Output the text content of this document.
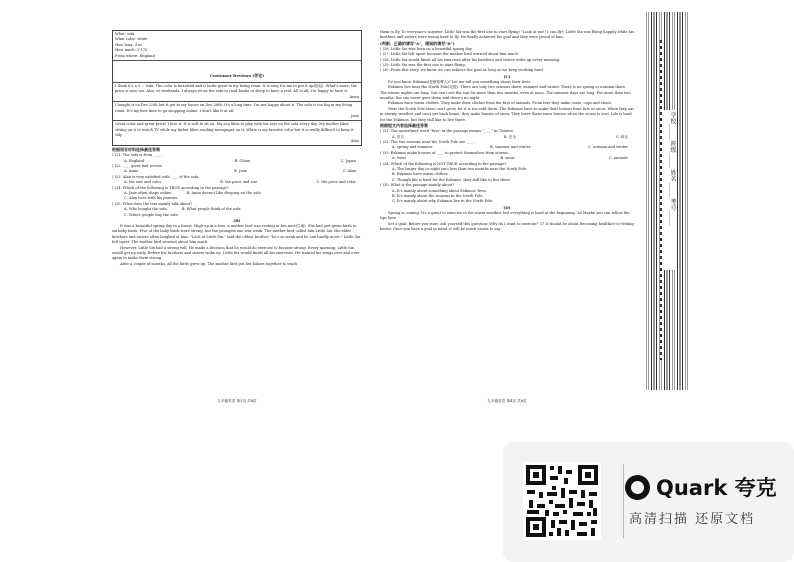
What: sofa
What color: white
How long: 3 m
How much: ￥170
From where: England
Customer Reviews (评论)
I think it's a 5 ☆ sofa. The color is beautiful and it looks great in my living room. It is easy for me to put it up(抬起). What's more, the price is nice too. Also, at weekends, I always sit on the sofa to read books or sleep to have a rest. All in all, I'm happy to have it.
Anna
I bought it on Dec.25th but it got to my house on Dec.28th. It's a long time. I'm not happy about it. The sofa is too big in my living room. It's my first time to go shopping online. I don't like it at all.
Jane
Great color and great price! I love it. It is soft to sit on. My son likes to play with his toys on the sofa every day. My mother likes sitting on it to watch TV while my father likes reading newspaper on it. White is my favorite color but it is really difficult to keep it tidy.
Alan
根据语言材料选择最佳答案
( )21. The sofa is from ____.
A. England	B. China	C. Japan
( )22. ____ gives bad review.
A. Anna	B. Jane	C. Alan
( )23. Alan is very satisfied with ____ of the sofa.
A. the size and color	B. the price and size	C. the price and color
( )24. Which of the following is TRUE according to the passage?
A. Jane often shops online.	B. Anna doesn't like sleeping on the sofa.
C. Alan lives with his parents.
( )25. What does the text mainly talk about?
A. Who bought the sofa.	B. What people think of the sofa.
C. Where people buy the sofa.
(B)
It was a beautiful spring day in a forest. High up in a tree, a mother bird was resting in her nest(鸟巢). She had just given birth to six baby birds. Five of the baby birds were strong, but the youngest one was weak. The mother bird called him Little Six. His elder brothers and sisters often laughed at him. "Look at Little Six," said the oldest brother, "he's so weak and he can hardly move." Little Six felt upset. The mother bird worried about him much.
However, Little Six had a strong will. He made a decision that he would do exercise to become strong. Every morning, Little Six would get up early. Before his brothers and sisters woke up, Little Six would finish all his exercises. He trained his wings over and over again to make them strong.
After a couple of months, all the birds grew up. The mother bird got her babies together to teach
九年级英语 第3页 共8页
them to fly. To everyone's surprise, Little Six was the first one to start flying! "Look at me!! I can fly!" Little Six was flying happily while his brothers and sisters were trying hard to fly. He finally achieved his goal and they were proud of him.
(判断，正确的请写"A"，错误的请写"B")
( )26. Little Six was born on a beautiful spring day.
( )27. Little Six felt upset because the mother bird worried about him much.
( )28. Little Six would finish all his exercises after his brothers and sisters woke up every morning.
( )29. Little Six was the first one to start flying.
( )30. From this story, we know we can achieve the goal as long as we keep working hard.
(C)
Do you know Eskimos(爱斯基摩人)? Let me tell you something about their lives.
Eskimos live near the North Pole(北极). There are only two seasons there, summer and winter. There is no spring or autumn there. The winter nights are long. You can't see the sun for more than two months, even at noon. The summer days are long. For more than two months, the sun never goes down and there's no night.
Eskimos have warm clothes. They make their clothes from the furs of animals. From furs they make coats, caps and shoes.
Near the North Pole trees can't grow, for it is too cold there. The Eskimos have to make their houses from furs or snow. When they eat in stormy weather and can't get back home, they make houses of snow. They leave these snow houses when the storm is over. Life is hard for the Eskimos, but they still like to live there.
根据短文内容选择最佳答案
( )31. The underlined word "furs" in the passage means "____" in Chinese.
A. 皮衣	B. 皮毛	C. 纸毛
( )32. The two seasons near the North Pole are ____.
A. spring and summer	B. summer and winter	C. autumn and winter
( )33. Eskimos make houses of ____ to protect themselves from storms.
A. trees	B. snow	C. animals
( )34. Which of the following is NOT TRUE according to the passage?
A. The longer day or night isn't less than two months near the North Pole.
B. Eskimos have warm clothes.
C. Though life is hard for the Eskimos, they still like to live there.
( )35. What is the passage mainly about?
A. It's mainly about something about Eskimos' lives.
B. It's mainly about the seasons in the North Pole.
C. It's mainly about why Eskimos live in the North Pole.
(D)
Spring is coming. It's a great to exercise in the warm weather, but everything is hard at the beginning. 36 Maybe you can follow the tips here.
Set a goal. Before you start, ask yourself this question: Why do I want to exercise? 37 It should be about becoming healthier or feeling better. Once you have a goal in mind, it will be much easier to say
九年级英语 第4页 共8页
学校_____ 班级_____ 姓名_____ 考号_____
Quark 夸克
高清扫描 还原文档
